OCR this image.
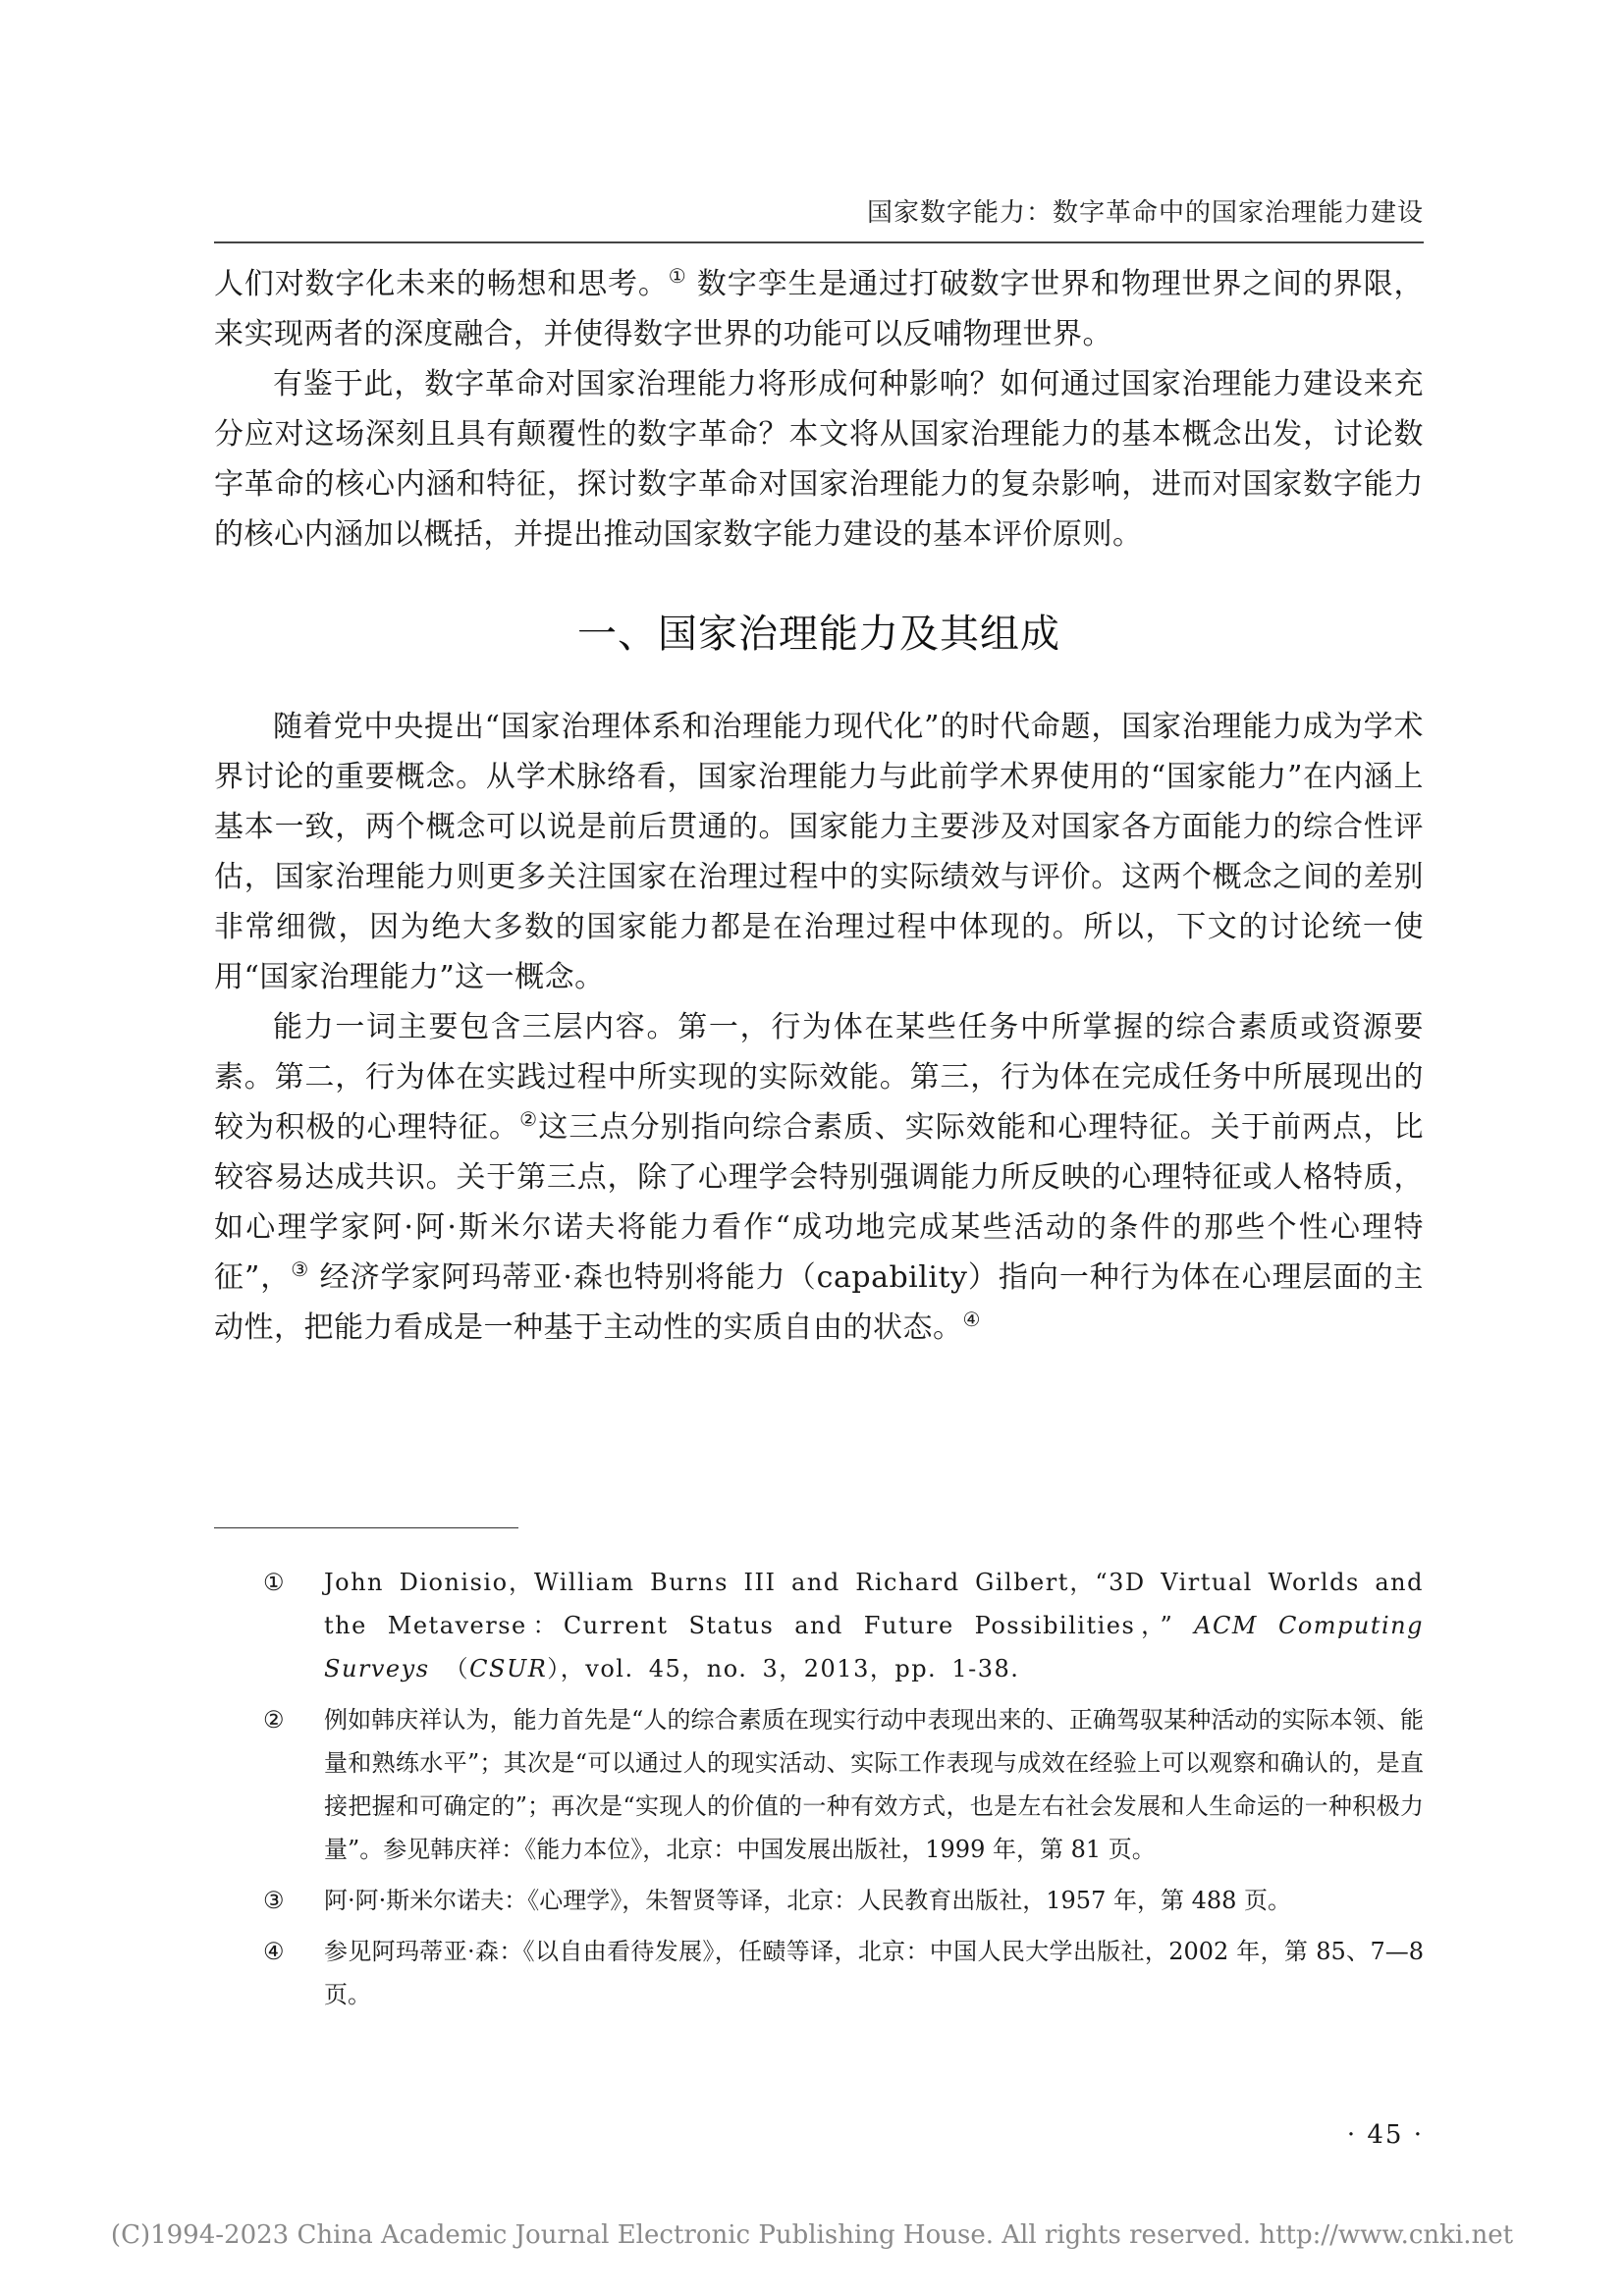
国家数字能力：数字革命中的国家治理能力建设

人们对数字化未来的畅想和思考。① 数字孪生是通过打破数字世界和物理世界之间的界限，来实现两者的深度融合，并使得数字世界的功能可以反哺物理世界。

有鉴于此，数字革命对国家治理能力将形成何种影响？如何通过国家治理能力建设来充分应对这场深刻且具有颠覆性的数字革命？本文将从国家治理能力的基本概念出发，讨论数字革命的核心内涵和特征，探讨数字革命对国家治理能力的复杂影响，进而对国家数字能力的核心内涵加以概括，并提出推动国家数字能力建设的基本评价原则。

一、国家治理能力及其组成

随着党中央提出“国家治理体系和治理能力现代化”的时代命题，国家治理能力成为学术界讨论的重要概念。从学术脉络看，国家治理能力与此前学术界使用的“国家能力”在内涵上基本一致，两个概念可以说是前后贯通的。国家能力主要涉及对国家各方面能力的综合性评估，国家治理能力则更多关注国家在治理过程中的实际绩效与评价。这两个概念之间的差别非常细微，因为绝大多数的国家能力都是在治理过程中体现的。所以，下文的讨论统一使用“国家治理能力”这一概念。

能力一词主要包含三层内容。第一，行为体在某些任务中所掌握的综合素质或资源要素。第二，行为体在实践过程中所实现的实际效能。第三，行为体在完成任务中所展现出的较为积极的心理特征。②这三点分别指向综合素质、实际效能和心理特征。关于前两点，比较容易达成共识。关于第三点，除了心理学会特别强调能力所反映的心理特征或人格特质，如心理学家阿·阿·斯米尔诺夫将能力看作“成功地完成某些活动的条件的那些个性心理特征”，③ 经济学家阿玛蒂亚·森也特别将能力（capability）指向一种行为体在心理层面的主动性，把能力看成是一种基于主动性的实质自由的状态。④

①	John Dionisio，William Burns III and Richard Gilbert，“3D Virtual Worlds and the Metaverse：Current Status and Future Possibilities，” ACM Computing Surveys （CSUR），vol. 45，no. 3，2013，pp. 1-38.
②	例如韩庆祥认为，能力首先是“人的综合素质在现实行动中表现出来的、正确驾驭某种活动的实际本领、能量和熟练水平”；其次是“可以通过人的现实活动、实际工作表现与成效在经验上可以观察和确认的，是直接把握和可确定的”；再次是“实现人的价值的一种有效方式，也是左右社会发展和人生命运的一种积极力量”。参见韩庆祥：《能力本位》，北京：中国发展出版社，1999 年，第 81 页。
③	阿·阿·斯米尔诺夫：《心理学》，朱智贤等译，北京：人民教育出版社，1957 年，第 488 页。
④	参见阿玛蒂亚·森：《以自由看待发展》，任赜等译，北京：中国人民大学出版社，2002 年，第 85、7—8 页。
· 45 ·
(C)1994-2023 China Academic Journal Electronic Publishing House. All rights reserved. http://www.cnki.net
